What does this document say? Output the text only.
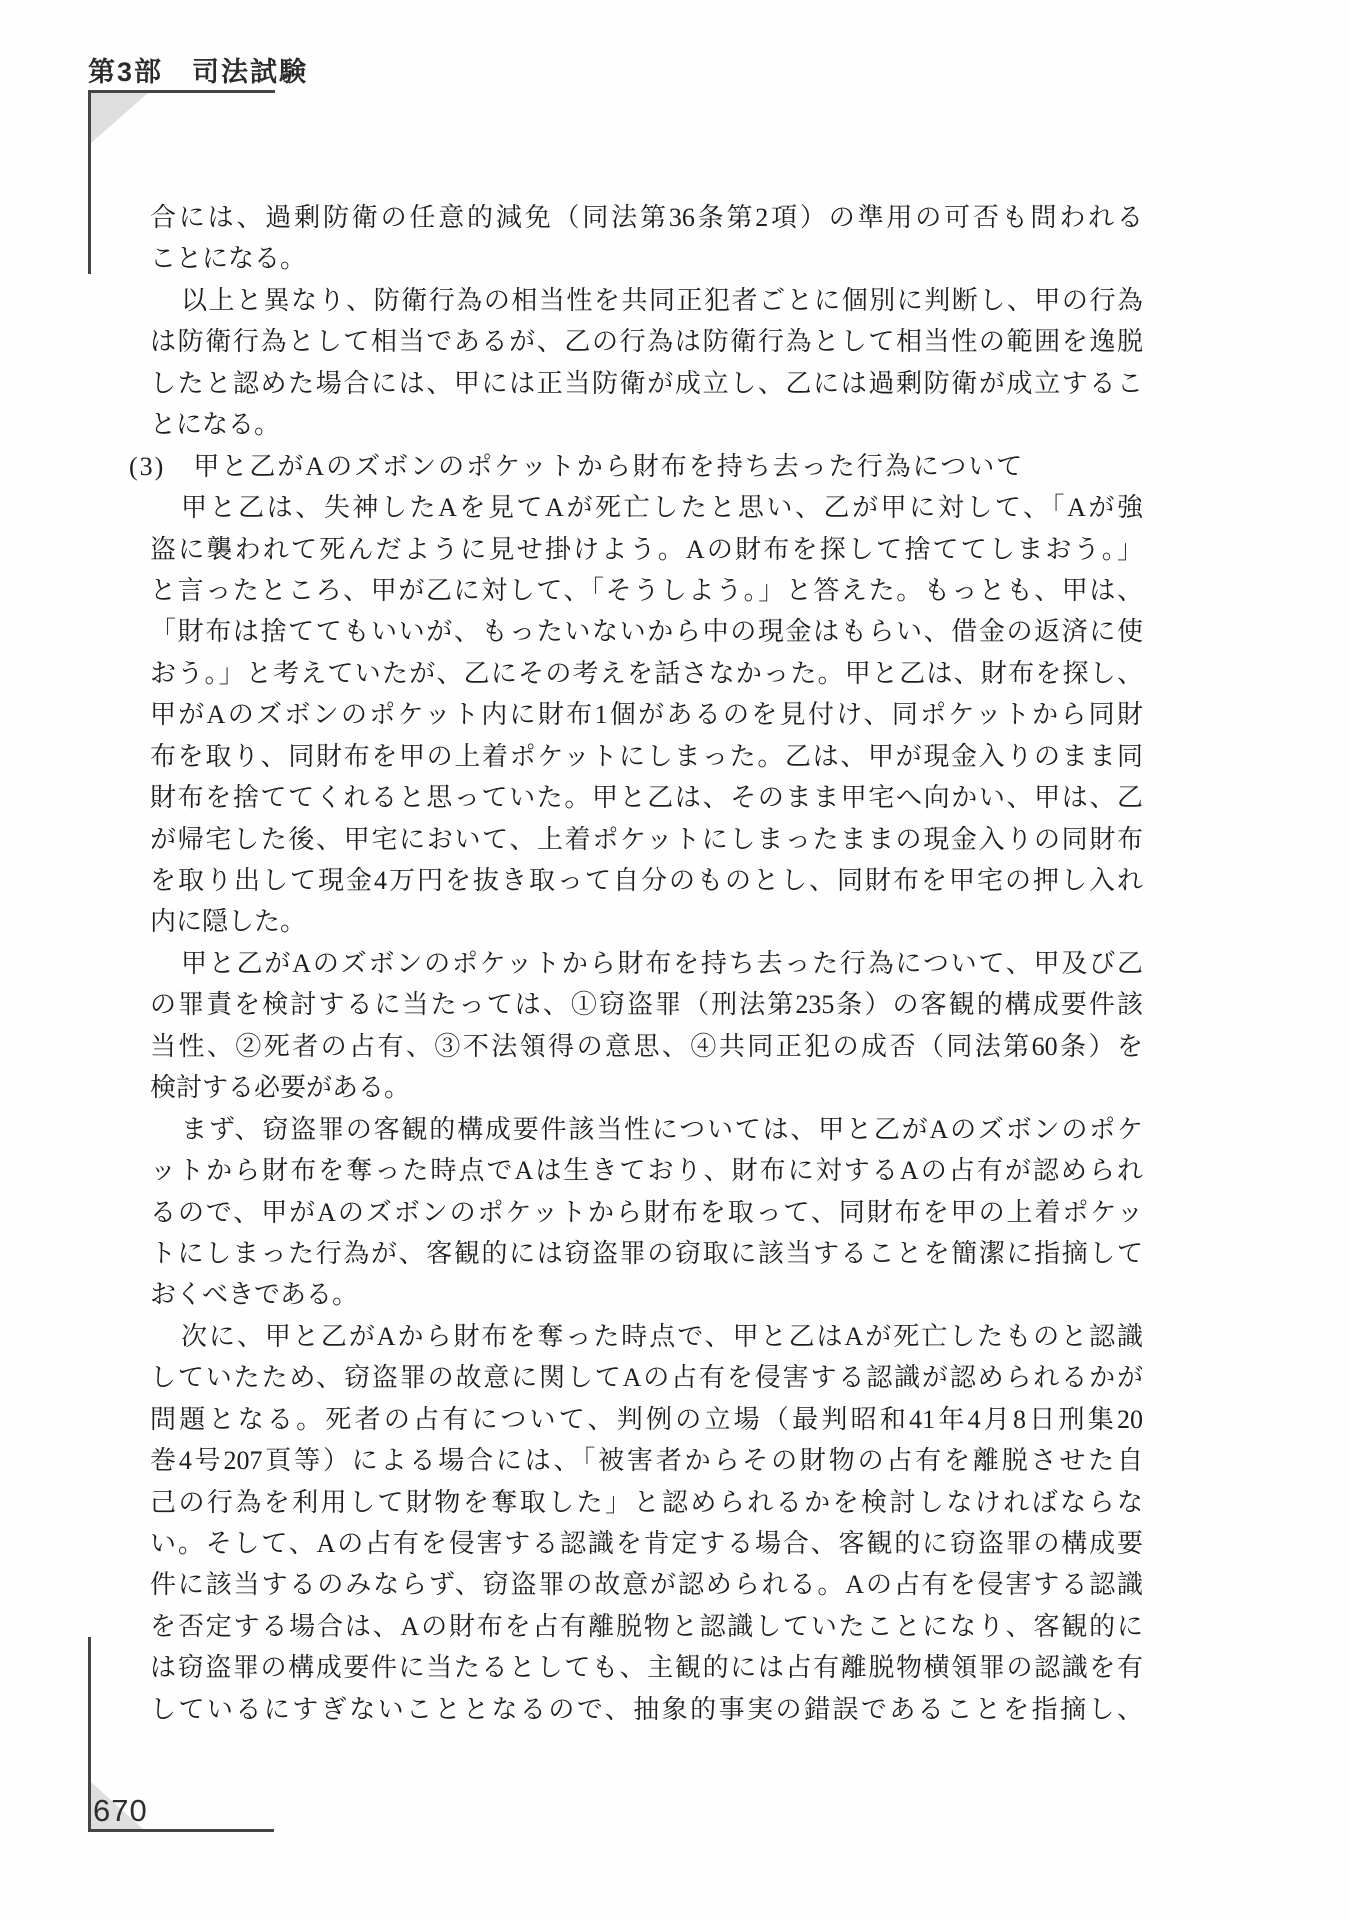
第3部　司法試験
合には、過剰防衛の任意的減免（同法第36条第2項）の準用の可否も問われる
ことになる。
以上と異なり、防衛行為の相当性を共同正犯者ごとに個別に判断し、甲の行為
は防衛行為として相当であるが、乙の行為は防衛行為として相当性の範囲を逸脱
したと認めた場合には、甲には正当防衛が成立し、乙には過剰防衛が成立するこ
とになる。
(3)　甲と乙がAのズボンのポケットから財布を持ち去った行為について
甲と乙は、失神したAを見てAが死亡したと思い、乙が甲に対して、「Aが強
盗に襲われて死んだように見せ掛けよう。Aの財布を探して捨ててしまおう。」
と言ったところ、甲が乙に対して、「そうしよう。」と答えた。もっとも、甲は、
「財布は捨ててもいいが、もったいないから中の現金はもらい、借金の返済に使
おう。」と考えていたが、乙にその考えを話さなかった。甲と乙は、財布を探し、
甲がAのズボンのポケット内に財布1個があるのを見付け、同ポケットから同財
布を取り、同財布を甲の上着ポケットにしまった。乙は、甲が現金入りのまま同
財布を捨ててくれると思っていた。甲と乙は、そのまま甲宅へ向かい、甲は、乙
が帰宅した後、甲宅において、上着ポケットにしまったままの現金入りの同財布
を取り出して現金4万円を抜き取って自分のものとし、同財布を甲宅の押し入れ
内に隠した。
甲と乙がAのズボンのポケットから財布を持ち去った行為について、甲及び乙
の罪責を検討するに当たっては、①窃盗罪（刑法第235条）の客観的構成要件該
当性、②死者の占有、③不法領得の意思、④共同正犯の成否（同法第60条）を
検討する必要がある。
まず、窃盗罪の客観的構成要件該当性については、甲と乙がAのズボンのポケ
ットから財布を奪った時点でAは生きており、財布に対するAの占有が認められ
るので、甲がAのズボンのポケットから財布を取って、同財布を甲の上着ポケッ
トにしまった行為が、客観的には窃盗罪の窃取に該当することを簡潔に指摘して
おくべきである。
次に、甲と乙がAから財布を奪った時点で、甲と乙はAが死亡したものと認識
していたため、窃盗罪の故意に関してAの占有を侵害する認識が認められるかが
問題となる。死者の占有について、判例の立場（最判昭和41年4月8日刑集20
巻4号207頁等）による場合には、「被害者からその財物の占有を離脱させた自
己の行為を利用して財物を奪取した」と認められるかを検討しなければならな
い。そして、Aの占有を侵害する認識を肯定する場合、客観的に窃盗罪の構成要
件に該当するのみならず、窃盗罪の故意が認められる。Aの占有を侵害する認識
を否定する場合は、Aの財布を占有離脱物と認識していたことになり、客観的に
は窃盗罪の構成要件に当たるとしても、主観的には占有離脱物横領罪の認識を有
しているにすぎないこととなるので、抽象的事実の錯誤であることを指摘し、
670
